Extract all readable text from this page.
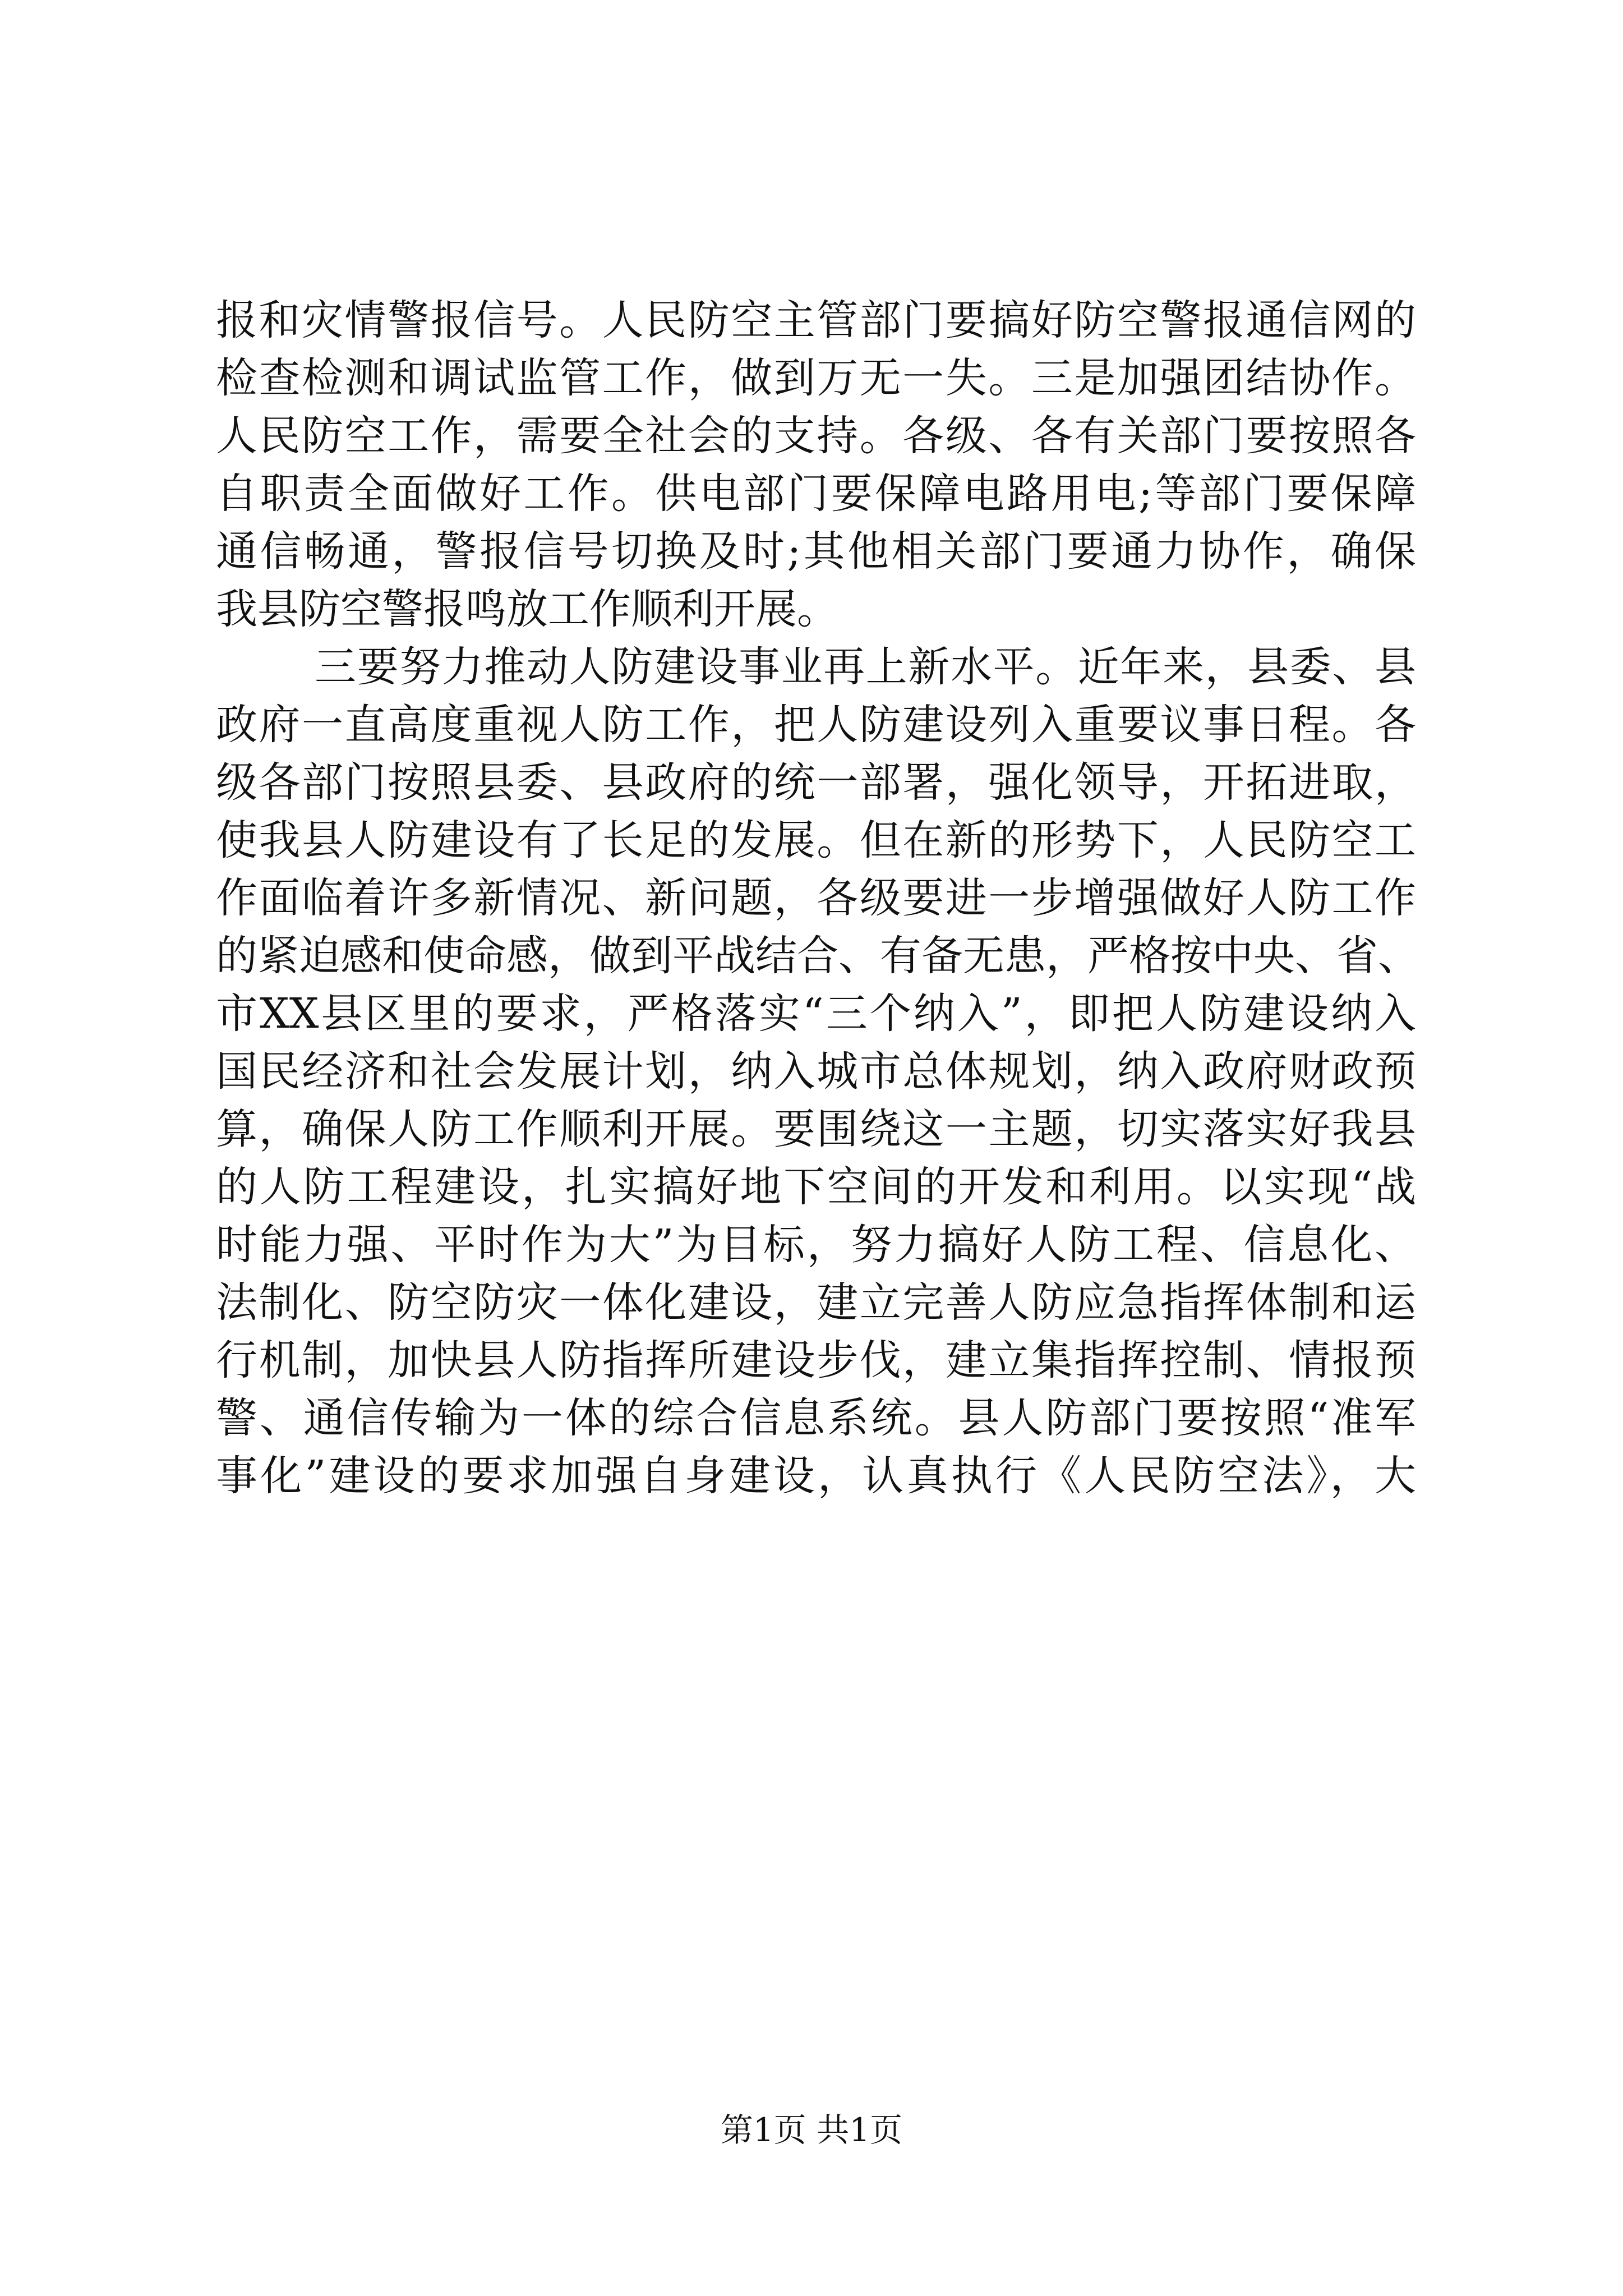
报和灾情警报信号。人民防空主管部门要搞好防空警报通信网的
检查检测和调试监管工作，做到万无一失。三是加强团结协作。
人民防空工作，需要全社会的支持。各级、各有关部门要按照各
自职责全面做好工作。供电部门要保障电路用电;等部门要保障
通信畅通，警报信号切换及时;其他相关部门要通力协作，确保
我县防空警报鸣放工作顺利开展。
三要努力推动人防建设事业再上新水平。近年来，县委、县
政府一直高度重视人防工作，把人防建设列入重要议事日程。各
级各部门按照县委、县政府的统一部署，强化领导，开拓进取，
使我县人防建设有了长足的发展。但在新的形势下，人民防空工
作面临着许多新情况、新问题，各级要进一步增强做好人防工作
的紧迫感和使命感，做到平战结合、有备无患，严格按中央、省、
市XX县区里的要求，严格落实“三个纳入”，即把人防建设纳入
国民经济和社会发展计划，纳入城市总体规划，纳入政府财政预
算，确保人防工作顺利开展。要围绕这一主题，切实落实好我县
的人防工程建设，扎实搞好地下空间的开发和利用。以实现“战
时能力强、平时作为大”为目标，努力搞好人防工程、信息化、
法制化、防空防灾一体化建设，建立完善人防应急指挥体制和运
行机制，加快县人防指挥所建设步伐，建立集指挥控制、情报预
警、通信传输为一体的综合信息系统。县人防部门要按照“准军
事化”建设的要求加强自身建设，认真执行《人民防空法》，大
第1页 共1页
